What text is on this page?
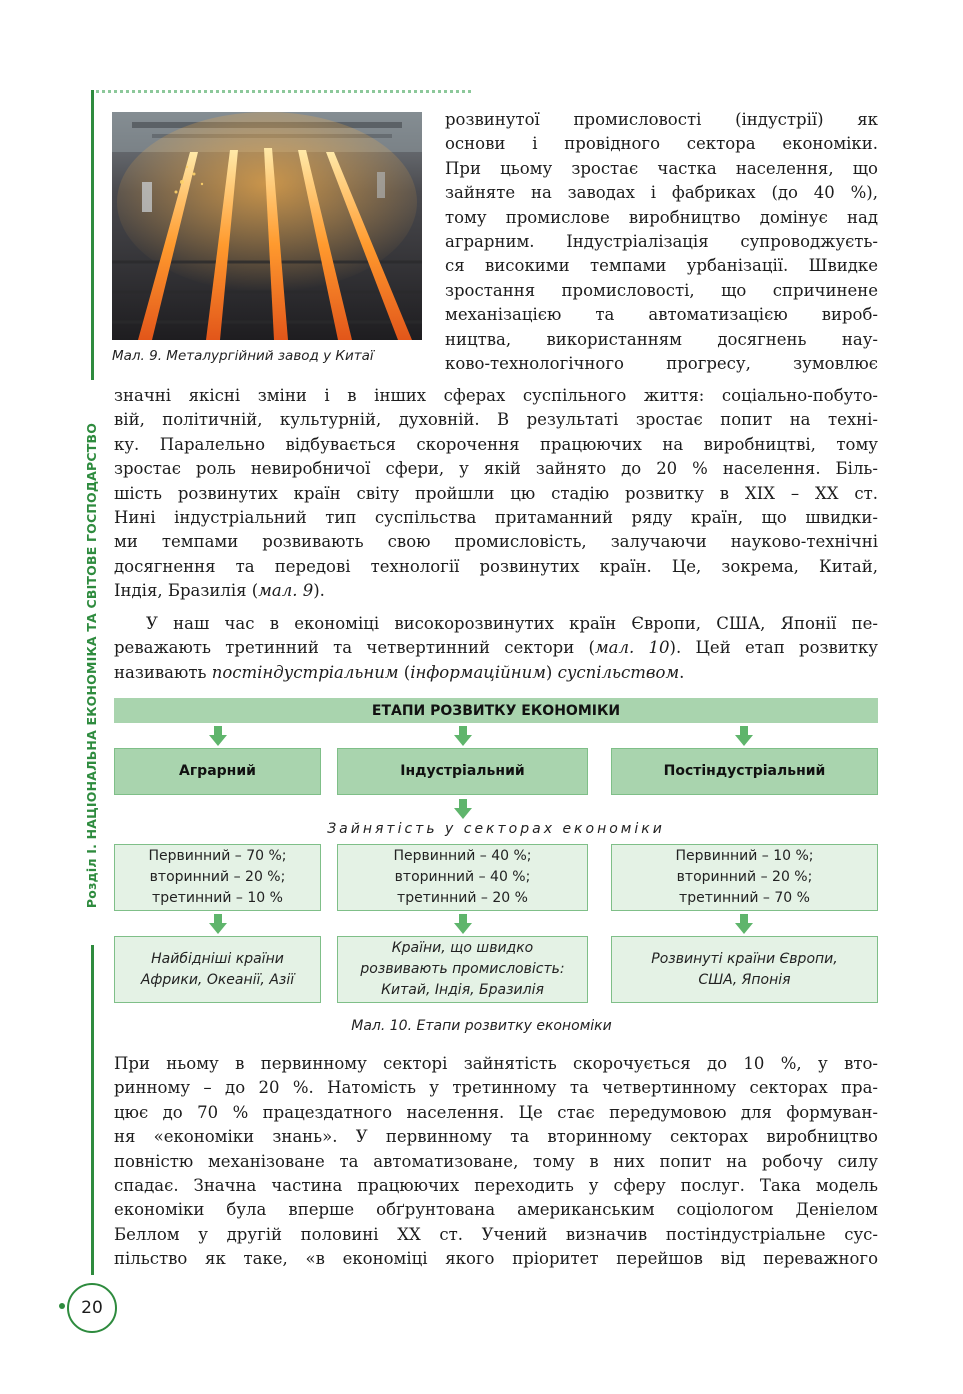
Розділ I. НАЦІОНАЛЬНА ЕКОНОМІКА ТА СВІТОВЕ ГОСПОДАРСТВО
20
Мал. 9. Металургійний завод у Китаї
розвинутої промисловості (індустрії) як
основи і провідного сектора економіки.
При цьому зростає частка населення, що
зайняте на заводах і фабриках (до 40 %),
тому промислове виробництво домінує над
аграрним. Індустріалізація супроводжуєть-
ся високими темпами урбанізації. Швидке
зростання промисловості, що спричинене
механізацією та автоматизацією вироб-
ництва, використанням досягнень нау-
ково-технологічного прогресу, зумовлює
значні якісні зміни і в інших сферах суспільного життя: соціально-побуто-
вій, політичній, культурній, духовній. В результаті зростає попит на техні-
ку. Паралельно відбувається скорочення працюючих на виробництві, тому
зростає роль невиробничої сфери, у якій зайнято до 20 % населення. Біль-
шість розвинутих країн світу пройшли цю стадію розвитку в XIX – XX ст.
Нині індустріальний тип суспільства притаманний ряду країн, що швидки-
ми темпами розвивають свою промисловість, залучаючи науково-технічні
досягнення та передові технології розвинутих країн. Це, зокрема, Китай,
Індія, Бразилія (мал. 9).
У наш час в економіці високорозвинутих країн Європи, США, Японії пе-
реважають третинний та четвертинний сектори (мал. 10). Цей етап розвитку
називають постіндустріальним (інформаційним) суспільством.
ЕТАПИ РОЗВИТКУ ЕКОНОМІКИ
Аграрний	Індустріальний	Постіндустріальний
Зайнятість у секторах економіки
Первинний – 70 %;
вторинний – 20 %;
третинний – 10 %
Первинний – 40 %;
вторинний – 40 %;
третинний – 20 %
Первинний – 10 %;
вторинний – 20 %;
третинний – 70 %
Найбідніші країни
Африки, Океанії, Азії
Країни, що швидко
розвивають промисловість:
Китай, Індія, Бразилія
Розвинуті країни Європи,
США, Японія
Мал. 10. Етапи розвитку економіки
При ньому в первинному секторі зайнятість скорочується до 10 %, у вто-
ринному – до 20 %. Натомість у третинному та четвертинному секторах пра-
цює до 70 % працездатного населення. Це стає передумовою для формуван-
ня «економіки знань». У первинному та вторинному секторах виробництво
повністю механізоване та автоматизоване, тому в них попит на робочу силу
спадає. Значна частина працюючих переходить у сферу послуг. Така модель
економіки була вперше обґрунтована американським соціологом Деніелом
Беллом у другій половині XX ст. Учений визначив постіндустріальне сус-
пільство як таке, «в економіці якого пріоритет перейшов від переважного
